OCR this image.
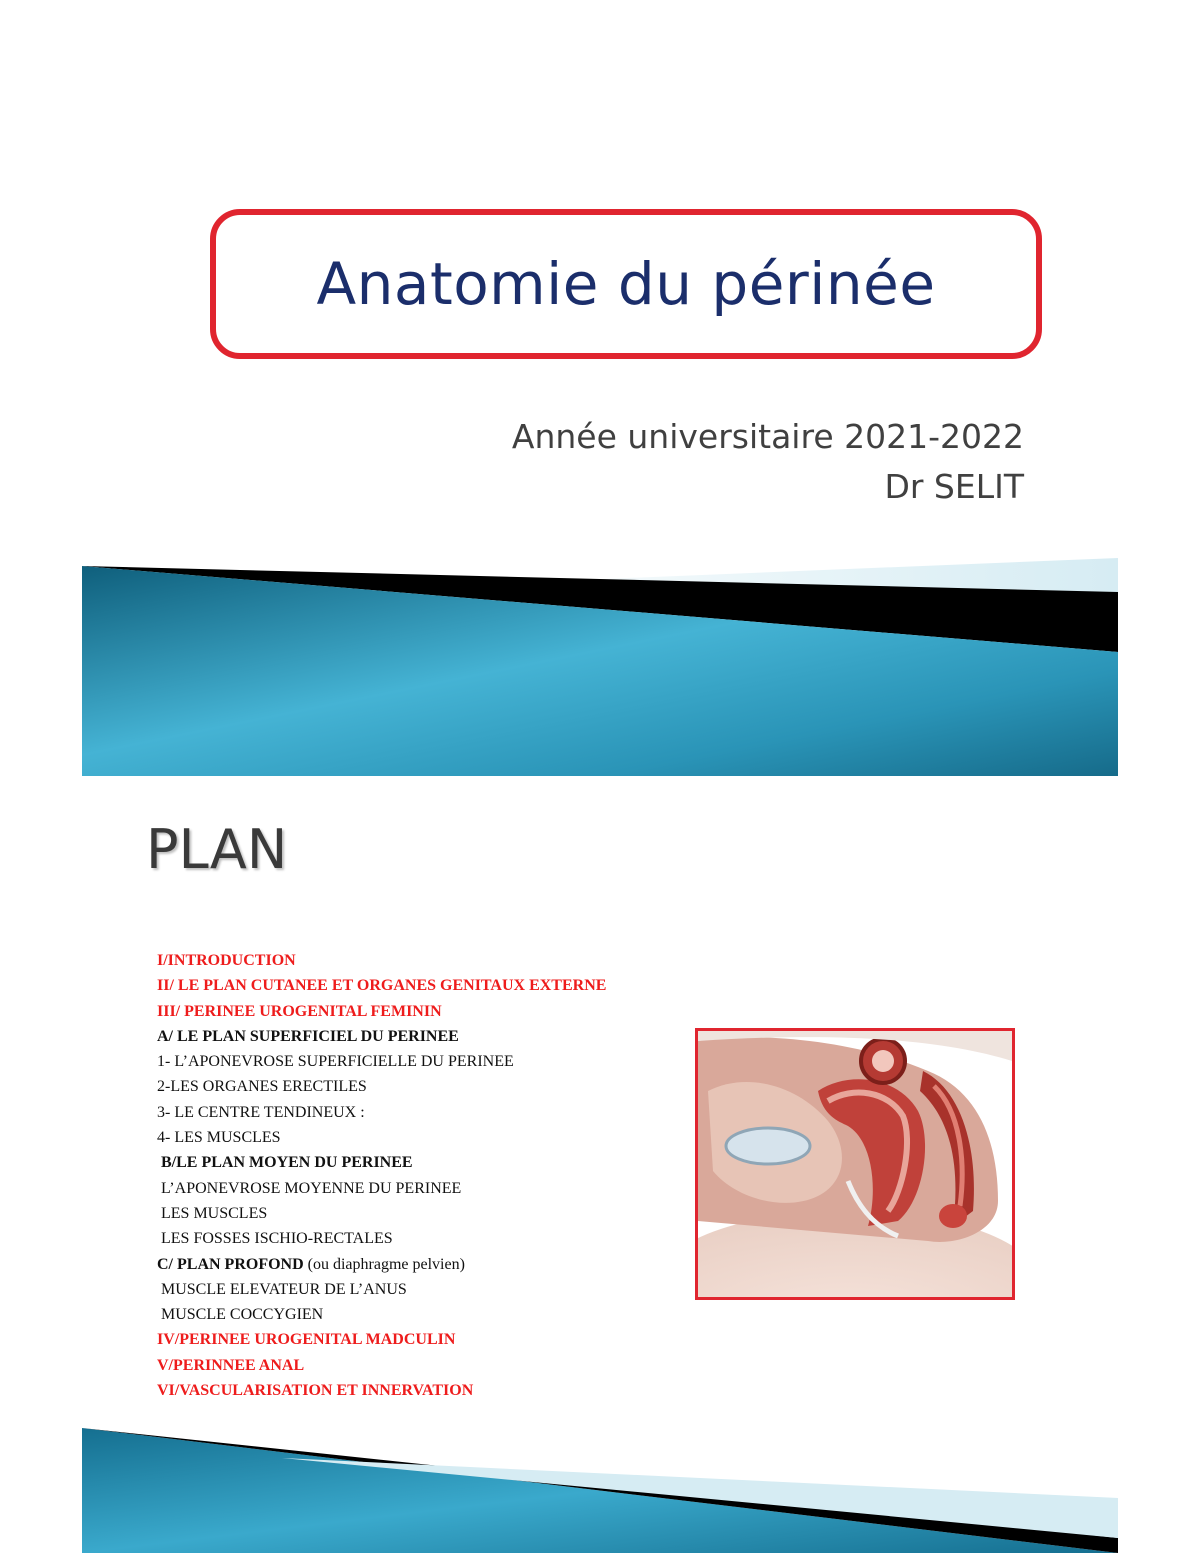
Anatomie du périnée
Année universitaire 2021-2022
Dr SELIT
PLAN
I/INTRODUCTION
II/ LE PLAN CUTANEE ET ORGANES GENITAUX EXTERNE
III/ PERINEE UROGENITAL FEMININ
A/ LE PLAN SUPERFICIEL DU PERINEE
1- L’APONEVROSE SUPERFICIELLE DU PERINEE
2-LES ORGANES ERECTILES
3- LE CENTRE TENDINEUX :
4- LES MUSCLES
B/LE PLAN MOYEN DU PERINEE
L’APONEVROSE MOYENNE DU PERINEE
LES MUSCLES
LES FOSSES ISCHIO-RECTALES
C/ PLAN PROFOND (ou diaphragme pelvien)
MUSCLE ELEVATEUR DE L’ANUS
MUSCLE COCCYGIEN
IV/PERINEE UROGENITAL MADCULIN
V/PERINNEE ANAL
VI/VASCULARISATION ET INNERVATION
